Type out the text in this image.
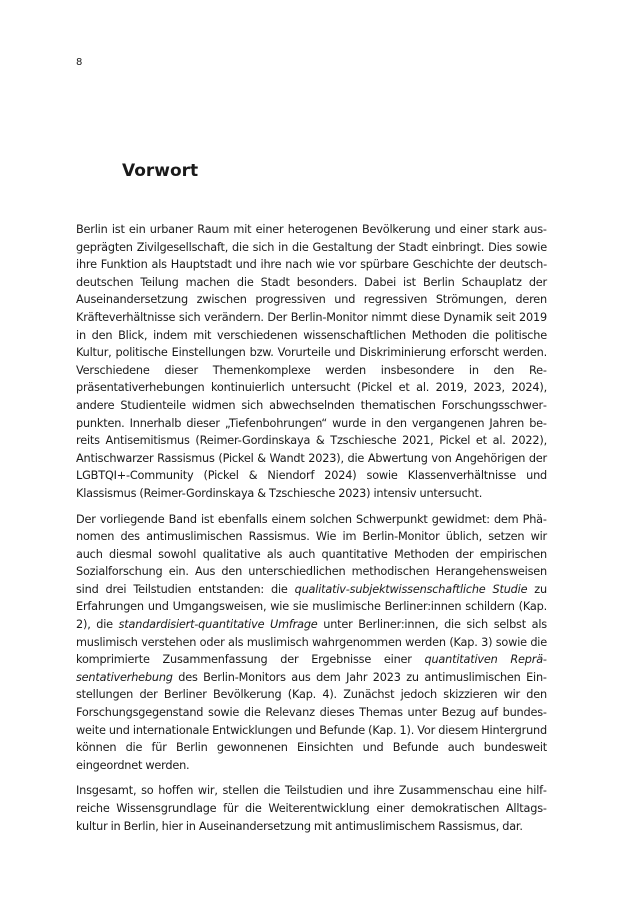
8
Vorwort

Berlin ist ein urbaner Raum mit einer heterogenen Bevölkerung und einer stark ausgeprägten Zivilgesellschaft, die sich in die Gestaltung der Stadt einbringt. Dies sowie ihre Funktion als Hauptstadt und ihre nach wie vor spürbare Geschichte der deutsch-deutschen Teilung machen die Stadt besonders. Dabei ist Berlin Schauplatz der Auseinandersetzung zwischen progressiven und regressiven Strömungen, deren Kräfteverhältnisse sich verändern. Der Berlin-Monitor nimmt diese Dynamik seit 2019 in den Blick, indem mit verschiedenen wissenschaftlichen Methoden die politische Kultur, politische Einstellungen bzw. Vorurteile und Diskriminierung erforscht werden. Verschiedene dieser Themenkomplexe werden insbesondere in den Repräsentativerhebungen kontinuierlich untersucht (Pickel et al. 2019, 2023, 2024), andere Studienteile widmen sich abwechselnden thematischen Forschungsschwerpunkten. Innerhalb dieser „Tiefenbohrungen“ wurde in den vergangenen Jahren bereits Antisemitismus (Reimer-Gordinskaya & Tzschiesche 2021, Pickel et al. 2022), Antischwarzer Rassismus (Pickel & Wandt 2023), die Abwertung von Angehörigen der LGBTQI+-Community (Pickel & Niendorf 2024) sowie Klassenverhältnisse und Klassismus (Reimer-Gordinskaya & Tzschiesche 2023) intensiv untersucht.

Der vorliegende Band ist ebenfalls einem solchen Schwerpunkt gewidmet: dem Phänomen des antimuslimischen Rassismus. Wie im Berlin-Monitor üblich, setzen wir auch diesmal sowohl qualitative als auch quantitative Methoden der empirischen Sozialforschung ein. Aus den unterschiedlichen methodischen Herangehensweisen sind drei Teilstudien entstanden: die qualitativ-subjektwissenschaftliche Studie zu Erfahrungen und Umgangsweisen, wie sie muslimische Berliner:innen schildern (Kap. 2), die standardisiert-quantitative Umfrage unter Berliner:innen, die sich selbst als muslimisch verstehen oder als muslimisch wahrgenommen werden (Kap. 3) sowie die komprimierte Zusammenfassung der Ergebnisse einer quantitativen Repräsentativerhebung des Berlin-Monitors aus dem Jahr 2023 zu antimuslimischen Einstellungen der Berliner Bevölkerung (Kap. 4). Zunächst jedoch skizzieren wir den Forschungsgegenstand sowie die Relevanz dieses Themas unter Bezug auf bundesweite und internationale Entwicklungen und Befunde (Kap. 1). Vor diesem Hintergrund können die für Berlin gewonnenen Einsichten und Befunde auch bundesweit eingeordnet werden.

Insgesamt, so hoffen wir, stellen die Teilstudien und ihre Zusammenschau eine hilfreiche Wissensgrundlage für die Weiterentwicklung einer demokratischen Alltagskultur in Berlin, hier in Auseinandersetzung mit antimuslimischem Rassismus, dar.
